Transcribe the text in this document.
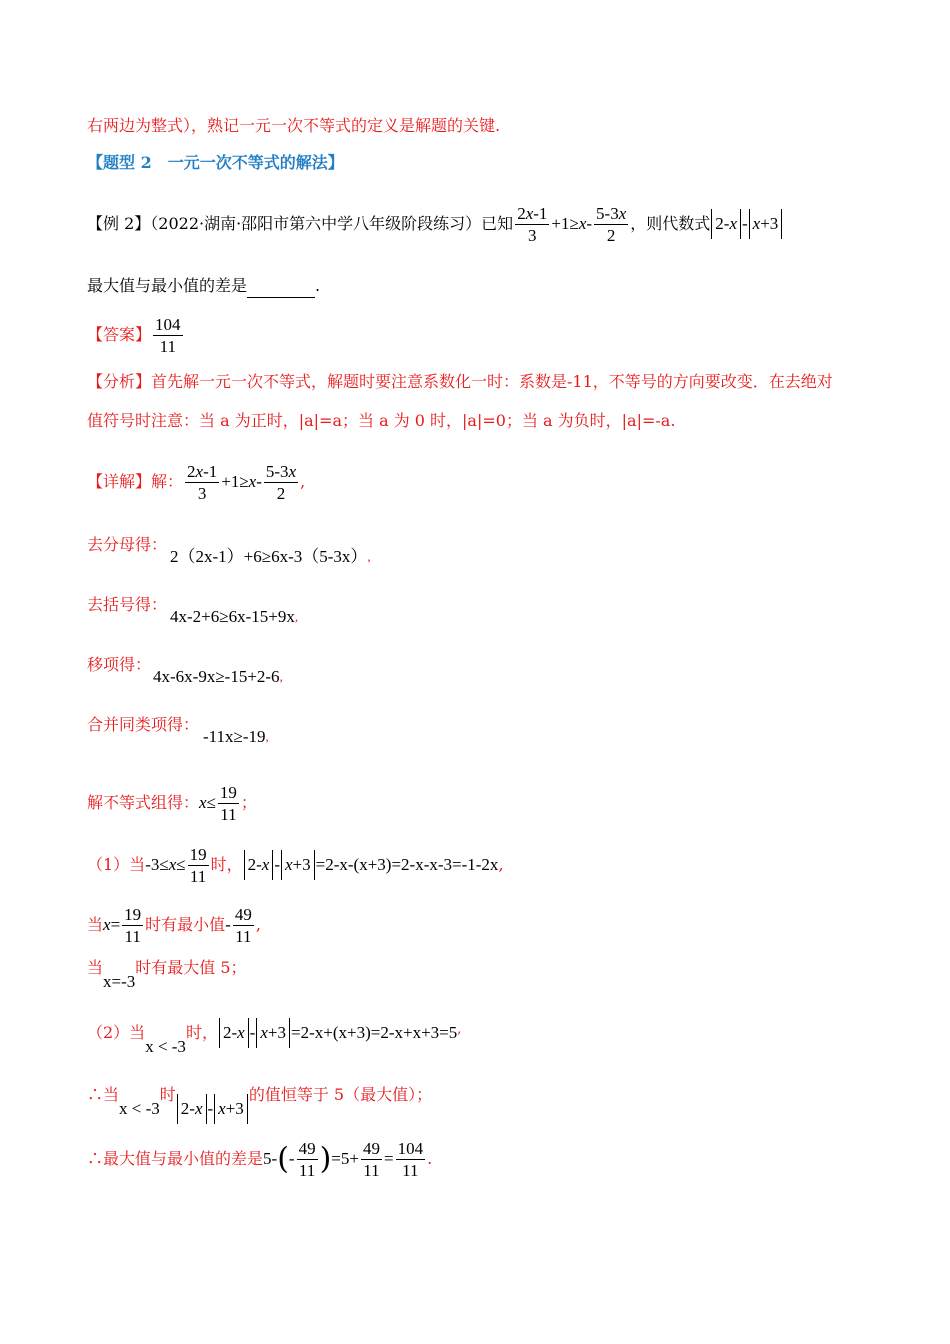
右两边为整式），熟记一元一次不等式的定义是解题的关键.
【题型 2　一元一次不等式的解法】
【例 2】（2022·湖南·邵阳市第六中学八年级阶段练习）已知 $\frac{2x-1}{3} +1\ge x- \frac{5-3x}{2}$ ，则代数式 2-x - x+3
最大值与最小值的差是	.
【答案】 $\frac{104}{11}$
【分析】首先解一元一次不等式，解题时要注意系数化一时：系数是-11，不等号的方向要改变．在去绝对
值符号时注意：当 a 为正时，|a|=a；当 a 为 0 时，|a|=0；当 a 为负时，|a|=-a.
【详解】解： $\frac{2x-1}{3} +1\ge x- \frac{5-3x}{2}$ ,
去分母得：
2（2x-1）+6≥6x-3（5-3x）,
去括号得：
4x-2+6≥6x-15+9x,
移项得：
4x-6x-9x≥-15+2-6,
合并同类项得：
-11x≥-19,
解不等式组得：$x\le \frac{19}{11}$ ；
（1）当$-3\le x\le \frac{19}{11}$ 时， 2-x - x+3 =2-x-(x+3)=2-x-x-3=-1-2x,
当$x= \frac{19}{11}$ 时有最小值- $\frac{49}{11}$ ,
当x=-3时有最大值 5；
（2）当x < -3时， 2-x - x+3 =2-x+(x+3)=2-x+x+3=5,
∴当x < -3时2-x - x+3的值恒等于 5（最大值）；
∴最大值与最小值的差是$5-(- \frac{49}{11} )=5+ \frac{49}{11} = \frac{104}{11}$ .
